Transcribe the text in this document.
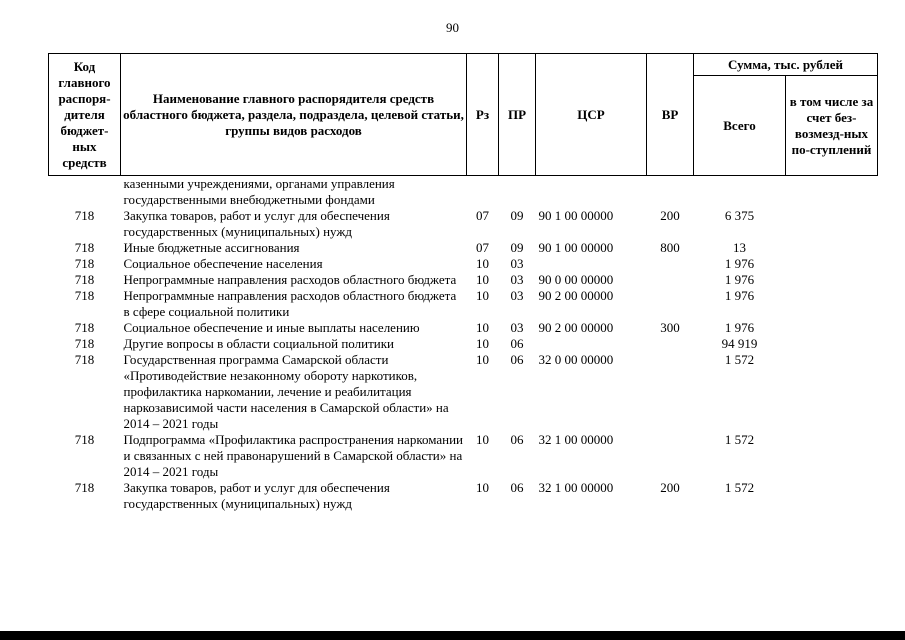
90
Код главного распоря-дителя бюджет-ных средств	Наименование главного распорядителя средств областного бюджета, раздела, подраздела, целевой статьи, группы видов расходов	Рз	ПР	ЦСР	ВР	Сумма, тыс. рублей	
						Всего	в том числе за счет без-возмезд-ных по-ступлений
	казенными учреждениями, органами управления государственными внебюджетными фондами						
718	Закупка товаров, работ и услуг для обеспечения государственных (муниципальных) нужд	07	09	90 1 00 00000	200	6 375	
718	Иные бюджетные ассигнования	07	09	90 1 00 00000	800	13	
718	Социальное обеспечение населения	10	03			1 976	
718	Непрограммные направления расходов областного бюджета	10	03	90 0 00 00000		1 976	
718	Непрограммные направления расходов областного бюджета в сфере социальной политики	10	03	90 2 00 00000		1 976	
718	Социальное обеспечение и иные выплаты населению	10	03	90 2 00 00000	300	1 976	
718	Другие вопросы в области социальной политики	10	06			94 919	
718	Государственная программа Самарской области «Противодействие незаконному обороту наркотиков, профилактика наркомании, лечение и реабилитация наркозависимой части населения в Самарской области» на 2014 – 2021 годы	10	06	32 0 00 00000		1 572	
718	Подпрограмма «Профилактика распространения наркомании и связанных с ней правонарушений в Самарской области» на 2014 – 2021 годы	10	06	32 1 00 00000		1 572	
718	Закупка товаров, работ и услуг для обеспечения государственных (муниципальных) нужд	10	06	32 1 00 00000	200	1 572	
